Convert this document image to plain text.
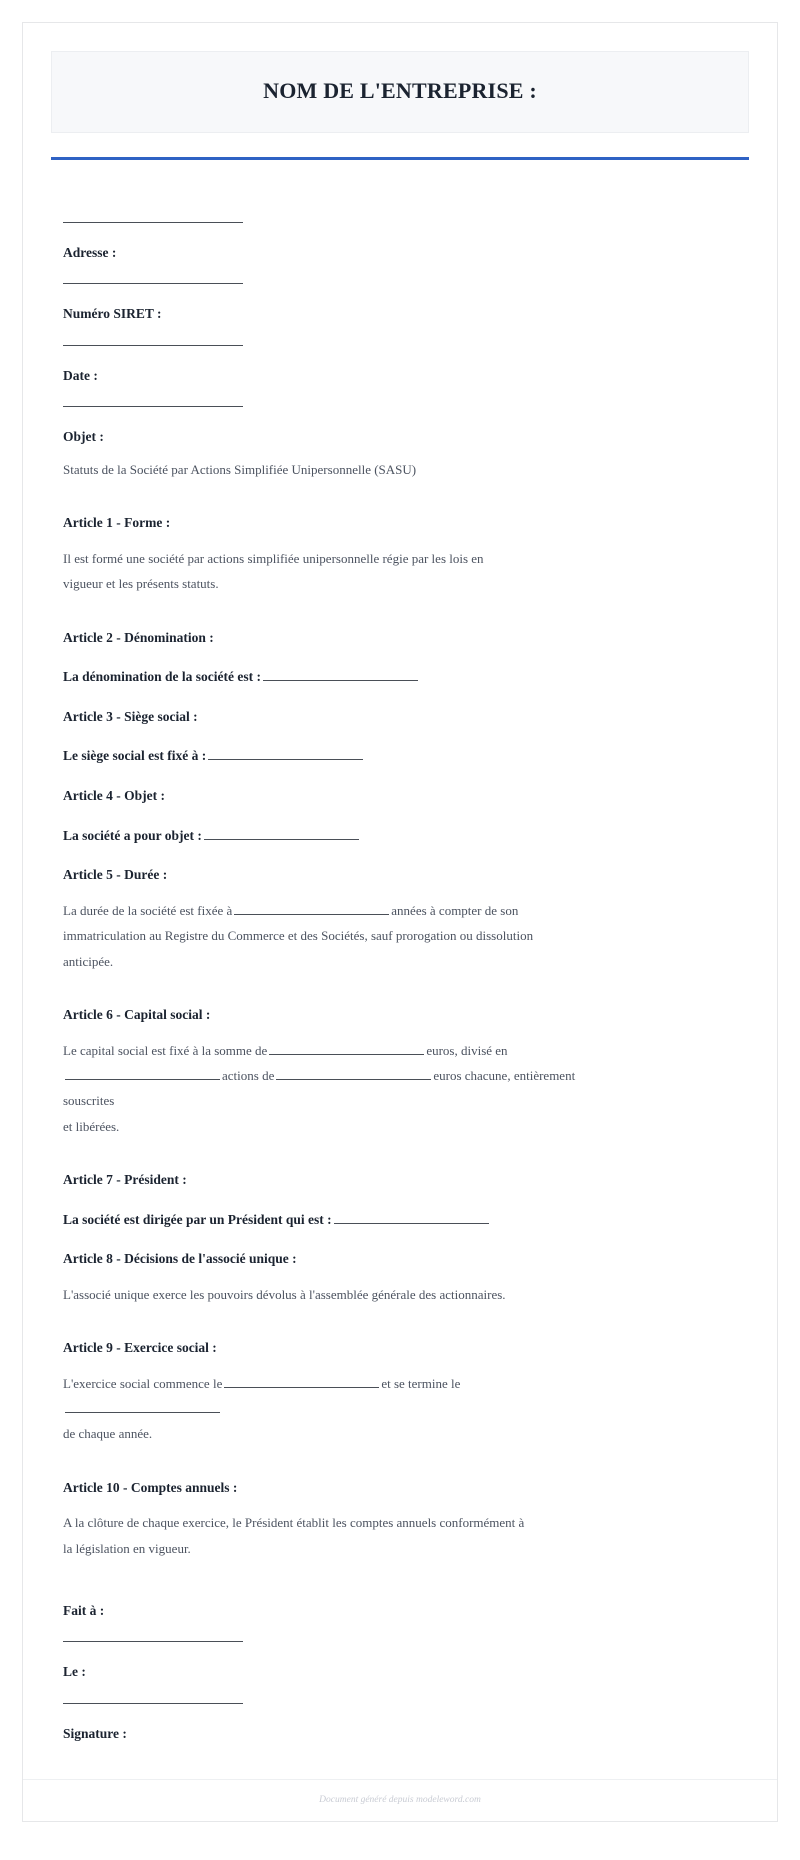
NOM DE L'ENTREPRISE :
Adresse :
Numéro SIRET :
Date :
Objet :
Statuts de la Société par Actions Simplifiée Unipersonnelle (SASU)
Article 1 - Forme :
Il est formé une société par actions simplifiée unipersonnelle régie par les lois en
vigueur et les présents statuts.
Article 2 - Dénomination :
La dénomination de la société est :
Article 3 - Siège social :
Le siège social est fixé à :
Article 4 - Objet :
La société a pour objet :
Article 5 - Durée :
La durée de la société est fixée à	années à compter de son
immatriculation au Registre du Commerce et des Sociétés, sauf prorogation ou dissolution
anticipée.
Article 6 - Capital social :
Le capital social est fixé à la somme de	euros, divisé en
actions de	euros chacune, entièrement souscrites
et libérées.
Article 7 - Président :
La société est dirigée par un Président qui est :
Article 8 - Décisions de l'associé unique :
L'associé unique exerce les pouvoirs dévolus à l'assemblée générale des actionnaires.
Article 9 - Exercice social :
L'exercice social commence le	et se termine le
de chaque année.
Article 10 - Comptes annuels :
A la clôture de chaque exercice, le Président établit les comptes annuels conformément à
la législation en vigueur.
Fait à :
Le :
Signature :
Document généré depuis modeleword.com
